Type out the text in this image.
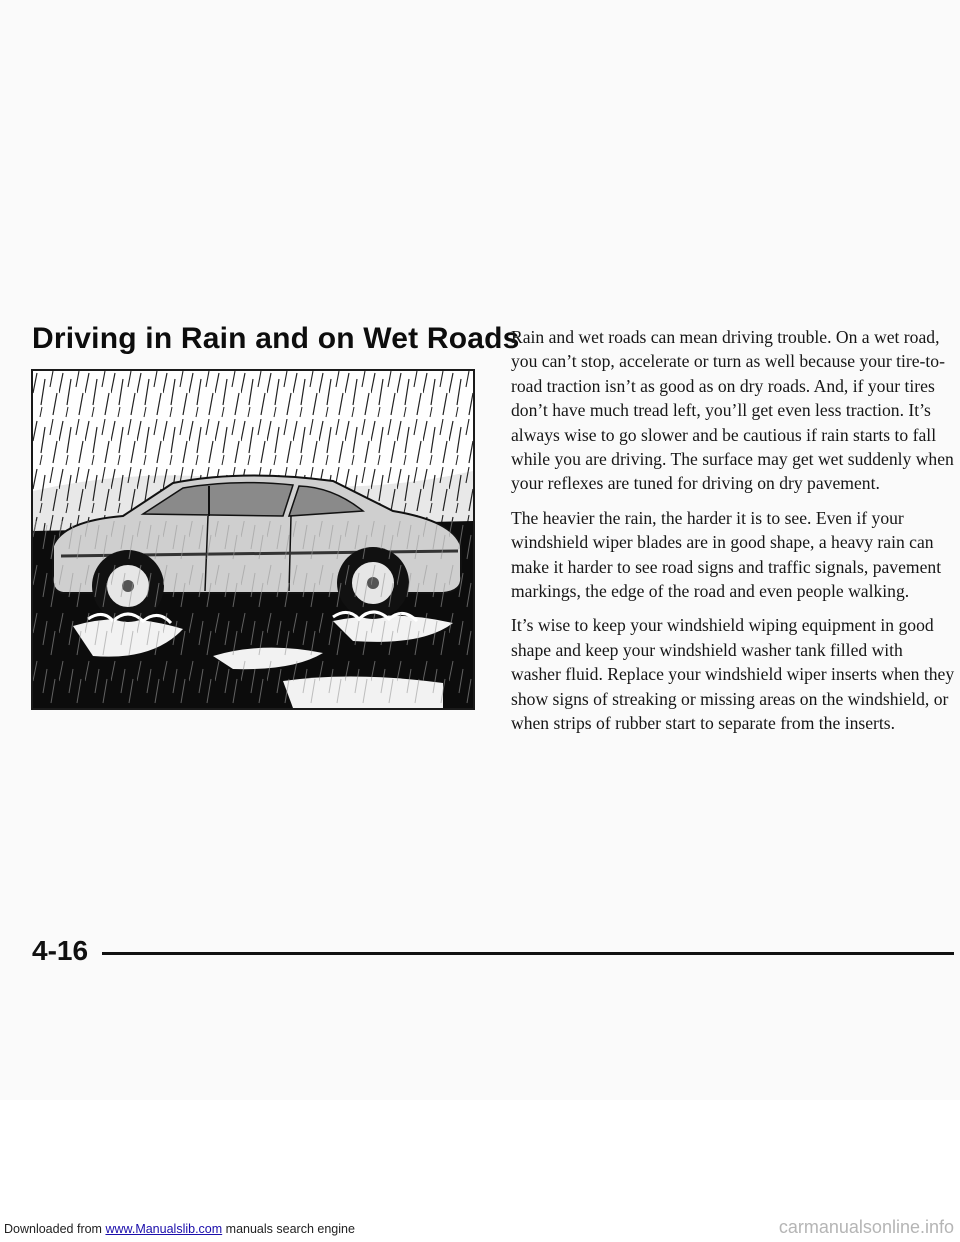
Driving in Rain and on Wet Roads

Rain and wet roads can mean driving trouble. On a wet road, you can’t stop, accelerate or turn as well because your tire-to-road traction isn’t as good as on dry roads. And, if your tires don’t have much tread left, you’ll get even less traction. It’s always wise to go slower and be cautious if rain starts to fall while you are driving. The surface may get wet suddenly when your reflexes are tuned for driving on dry pavement.

The heavier the rain, the harder it is to see. Even if your windshield wiper blades are in good shape, a heavy rain can make it harder to see road signs and traffic signals, pavement markings, the edge of the road and even people walking.

It’s wise to keep your windshield wiping equipment in good shape and keep your windshield washer tank filled with washer fluid. Replace your windshield wiper inserts when they show signs of streaking or missing areas on the windshield, or when strips of rubber start to separate from the inserts.

4-16

Downloaded from www.Manualslib.com manuals search engine	carmanualsonline.info
